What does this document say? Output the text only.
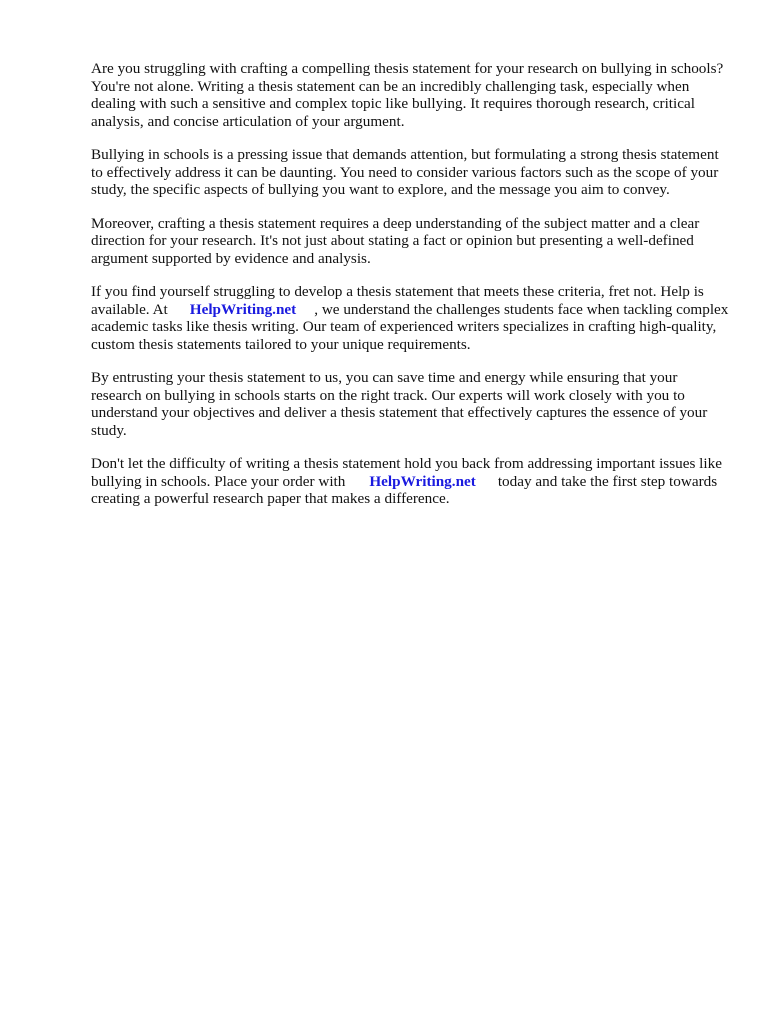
Are you struggling with crafting a compelling thesis statement for your research on bullying in schools? You're not alone. Writing a thesis statement can be an incredibly challenging task, especially when dealing with such a sensitive and complex topic like bullying. It requires thorough research, critical analysis, and concise articulation of your argument.

Bullying in schools is a pressing issue that demands attention, but formulating a strong thesis statement to effectively address it can be daunting. You need to consider various factors such as the scope of your study, the specific aspects of bullying you want to explore, and the message you aim to convey.

Moreover, crafting a thesis statement requires a deep understanding of the subject matter and a clear direction for your research. It's not just about stating a fact or opinion but presenting a well-defined argument supported by evidence and analysis.

If you find yourself struggling to develop a thesis statement that meets these criteria, fret not. Help is available. At HelpWriting.net , we understand the challenges students face when tackling complex academic tasks like thesis writing. Our team of experienced writers specializes in crafting high-quality, custom thesis statements tailored to your unique requirements.

By entrusting your thesis statement to us, you can save time and energy while ensuring that your research on bullying in schools starts on the right track. Our experts will work closely with you to understand your objectives and deliver a thesis statement that effectively captures the essence of your study.

Don't let the difficulty of writing a thesis statement hold you back from addressing important issues like bullying in schools. Place your order with HelpWriting.net today and take the first step towards creating a powerful research paper that makes a difference.
